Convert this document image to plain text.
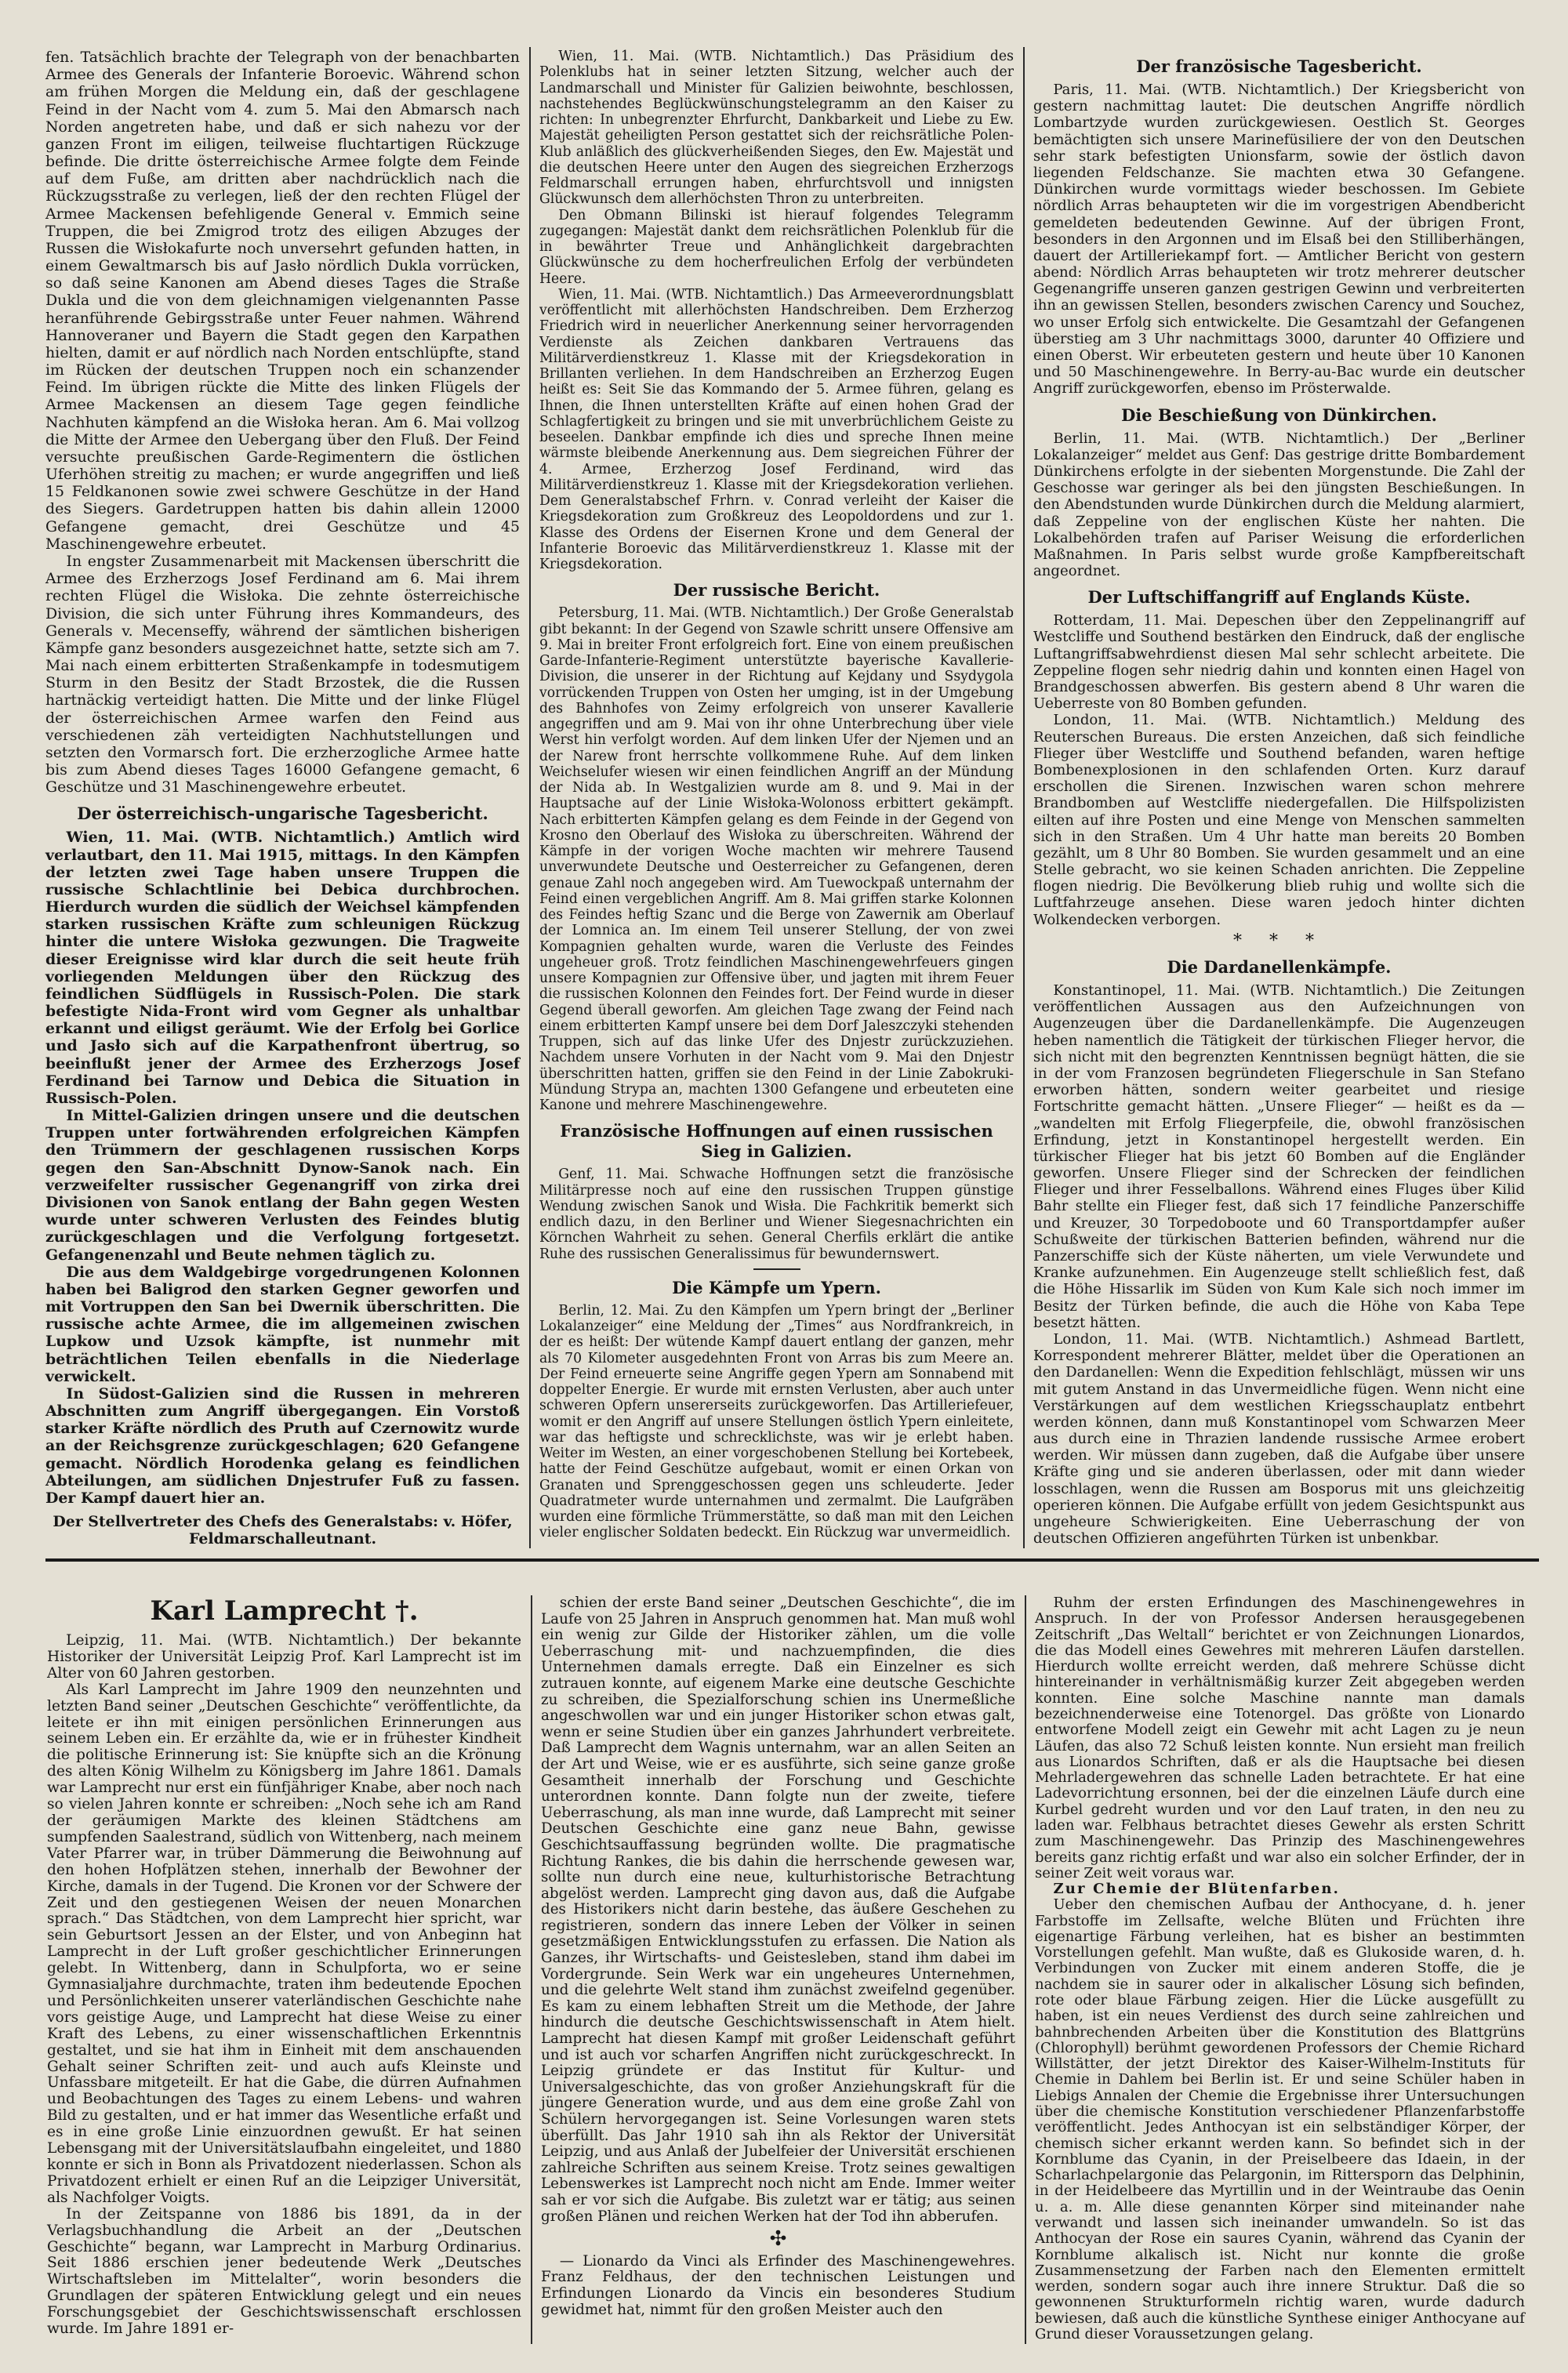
fen. Tatsächlich brachte der Telegraph von der benachbarten Armee des Generals der Infanterie Boroevic. Während schon am frühen Morgen die Meldung ein, daß der geschlagene Feind in der Nacht vom 4. zum 5. Mai den Abmarsch nach Norden angetreten habe, und daß er sich nahezu vor der ganzen Front im eiligen, teilweise fluchtartigen Rückzuge befinde. Die dritte österreichische Armee folgte dem Feinde auf dem Fuße, am dritten aber nachdrücklich nach die Rückzugsstraße zu verlegen, ließ der den rechten Flügel der Armee Mackensen befehligende General v. Emmich seine Truppen, die bei Zmigrod trotz des eiligen Abzuges der Russen die Wisłokafurte noch unversehrt gefunden hatten, in einem Gewaltmarsch bis auf Jasło nördlich Dukla vorrücken, so daß seine Kanonen am Abend dieses Tages die Straße Dukla und die von dem gleichnamigen vielgenannten Passe heranführende Gebirgsstraße unter Feuer nahmen. Während Hannoveraner und Bayern die Stadt gegen den Karpathen hielten, damit er auf nördlich nach Norden entschlüpfte, stand im Rücken der deutschen Truppen noch ein schanzender Feind. Im übrigen rückte die Mitte des linken Flügels der Armee Mackensen an diesem Tage gegen feindliche Nachhuten kämpfend an die Wisłoka heran. Am 6. Mai vollzog die Mitte der Armee den Uebergang über den Fluß. Der Feind versuchte preußischen Garde-Regimentern die östlichen Uferhöhen streitig zu machen; er wurde angegriffen und ließ 15 Feldkanonen sowie zwei schwere Geschütze in der Hand des Siegers. Gardetruppen hatten bis dahin allein 12000 Gefangene gemacht, drei Geschütze und 45 Maschinengewehre erbeutet.

In engster Zusammenarbeit mit Mackensen überschritt die Armee des Erzherzogs Josef Ferdinand am 6. Mai ihrem rechten Flügel die Wisłoka. Die zehnte österreichische Division, die sich unter Führung ihres Kommandeurs, des Generals v. Mecenseffy, während der sämtlichen bisherigen Kämpfe ganz besonders ausgezeichnet hatte, setzte sich am 7. Mai nach einem erbitterten Straßenkampfe in todesmutigem Sturm in den Besitz der Stadt Brzostek, die die Russen hartnäckig verteidigt hatten. Die Mitte und der linke Flügel der österreichischen Armee warfen den Feind aus verschiedenen zäh verteidigten Nachhutstellungen und setzten den Vormarsch fort. Die erzherzogliche Armee hatte bis zum Abend dieses Tages 16000 Gefangene gemacht, 6 Geschütze und 31 Maschinengewehre erbeutet.

Der österreichisch-ungarische Tagesbericht.

Wien, 11. Mai. (WTB. Nichtamtlich.) Amtlich wird verlautbart, den 11. Mai 1915, mittags. In den Kämpfen der letzten zwei Tage haben unsere Truppen die russische Schlachtlinie bei Debica durchbrochen. Hierdurch wurden die südlich der Weichsel kämpfenden starken russischen Kräfte zum schleunigen Rückzug hinter die untere Wisłoka gezwungen. Die Tragweite dieser Ereignisse wird klar durch die seit heute früh vorliegenden Meldungen über den Rückzug des feindlichen Südflügels in Russisch-Polen. Die stark befestigte Nida-Front wird vom Gegner als unhaltbar erkannt und eiligst geräumt. Wie der Erfolg bei Gorlice und Jasło sich auf die Karpathenfront übertrug, so beeinflußt jener der Armee des Erzherzogs Josef Ferdinand bei Tarnow und Debica die Situation in Russisch-Polen.

In Mittel-Galizien dringen unsere und die deutschen Truppen unter fortwährenden erfolgreichen Kämpfen den Trümmern der geschlagenen russischen Korps gegen den San-Abschnitt Dynow-Sanok nach. Ein verzweifelter russischer Gegenangriff von zirka drei Divisionen von Sanok entlang der Bahn gegen Westen wurde unter schweren Verlusten des Feindes blutig zurückgeschlagen und die Verfolgung fortgesetzt. Gefangenenzahl und Beute nehmen täglich zu.

Die aus dem Waldgebirge vorgedrungenen Kolonnen haben bei Baligrod den starken Gegner geworfen und mit Vortruppen den San bei Dwernik überschritten. Die russische achte Armee, die im allgemeinen zwischen Lupkow und Uzsok kämpfte, ist nunmehr mit beträchtlichen Teilen ebenfalls in die Niederlage verwickelt.

In Südost-Galizien sind die Russen in mehreren Abschnitten zum Angriff übergegangen. Ein Vorstoß starker Kräfte nördlich des Pruth auf Czernowitz wurde an der Reichsgrenze zurückgeschlagen; 620 Gefangene gemacht. Nördlich Horodenka gelang es feindlichen Abteilungen, am südlichen Dnjestrufer Fuß zu fassen. Der Kampf dauert hier an.

Der Stellvertreter des Chefs des Generalstabs: v. Höfer, Feldmarschalleutnant.

Wien, 11. Mai. (WTB. Nichtamtlich.) Das Präsidium des Polenklubs hat in seiner letzten Sitzung, welcher auch der Landmarschall und Minister für Galizien beiwohnte, beschlossen, nachstehendes Beglückwünschungstelegramm an den Kaiser zu richten: In unbegrenzter Ehrfurcht, Dankbarkeit und Liebe zu Ew. Majestät geheiligten Person gestattet sich der reichsrätliche Polen-Klub anläßlich des glückverheißenden Sieges, den Ew. Majestät und die deutschen Heere unter den Augen des siegreichen Erzherzogs Feldmarschall errungen haben, ehrfurchtsvoll und innigsten Glückwunsch dem allerhöchsten Thron zu unterbreiten.

Den Obmann Bilinski ist hierauf folgendes Telegramm zugegangen: Majestät dankt dem reichsrätlichen Polenklub für die in bewährter Treue und Anhänglichkeit dargebrachten Glückwünsche zu dem hocherfreulichen Erfolg der verbündeten Heere.

Wien, 11. Mai. (WTB. Nichtamtlich.) Das Armeeverordnungsblatt veröffentlicht mit allerhöchsten Handschreiben. Dem Erzherzog Friedrich wird in neuerlicher Anerkennung seiner hervorragenden Verdienste als Zeichen dankbaren Vertrauens das Militärverdienstkreuz 1. Klasse mit der Kriegsdekoration in Brillanten verliehen. In dem Handschreiben an Erzherzog Eugen heißt es: Seit Sie das Kommando der 5. Armee führen, gelang es Ihnen, die Ihnen unterstellten Kräfte auf einen hohen Grad der Schlagfertigkeit zu bringen und sie mit unverbrüchlichem Geiste zu beseelen. Dankbar empfinde ich dies und spreche Ihnen meine wärmste bleibende Anerkennung aus. Dem siegreichen Führer der 4. Armee, Erzherzog Josef Ferdinand, wird das Militärverdienstkreuz 1. Klasse mit der Kriegsdekoration verliehen. Dem Generalstabschef Frhrn. v. Conrad verleiht der Kaiser die Kriegsdekoration zum Großkreuz des Leopoldordens und zur 1. Klasse des Ordens der Eisernen Krone und dem General der Infanterie Boroevic das Militärverdienstkreuz 1. Klasse mit der Kriegsdekoration.

Der russische Bericht.

Petersburg, 11. Mai. (WTB. Nichtamtlich.) Der Große Generalstab gibt bekannt: In der Gegend von Szawle schritt unsere Offensive am 9. Mai in breiter Front erfolgreich fort. Eine von einem preußischen Garde-Infanterie-Regiment unterstützte bayerische Kavallerie-Division, die unserer in der Richtung auf Kejdany und Ssydygola vorrückenden Truppen von Osten her umging, ist in der Umgebung des Bahnhofes von Zeimy erfolgreich von unserer Kavallerie angegriffen und am 9. Mai von ihr ohne Unterbrechung über viele Werst hin verfolgt worden. Auf dem linken Ufer der Njemen und an der Narew front herrschte vollkommene Ruhe. Auf dem linken Weichselufer wiesen wir einen feindlichen Angriff an der Mündung der Nida ab. In Westgalizien wurde am 8. und 9. Mai in der Hauptsache auf der Linie Wisłoka-Wolonoss erbittert gekämpft. Nach erbitterten Kämpfen gelang es dem Feinde in der Gegend von Krosno den Oberlauf des Wisłoka zu überschreiten. Während der Kämpfe in der vorigen Woche machten wir mehrere Tausend unverwundete Deutsche und Oesterreicher zu Gefangenen, deren genaue Zahl noch angegeben wird. Am Tuewockpaß unternahm der Feind einen vergeblichen Angriff. Am 8. Mai griffen starke Kolonnen des Feindes heftig Szanc und die Berge von Zawernik am Oberlauf der Lomnica an. Im einem Teil unserer Stellung, der von zwei Kompagnien gehalten wurde, waren die Verluste des Feindes ungeheuer groß. Trotz feindlichen Maschinengewehrfeuers gingen unsere Kompagnien zur Offensive über, und jagten mit ihrem Feuer die russischen Kolonnen den Feindes fort. Der Feind wurde in dieser Gegend überall geworfen. Am gleichen Tage zwang der Feind nach einem erbitterten Kampf unsere bei dem Dorf Jaleszczyki stehenden Truppen, sich auf das linke Ufer des Dnjestr zurückzuziehen. Nachdem unsere Vorhuten in der Nacht vom 9. Mai den Dnjestr überschritten hatten, griffen sie den Feind in der Linie Zabokruki-Mündung Strypa an, machten 1300 Gefangene und erbeuteten eine Kanone und mehrere Maschinengewehre.

Französische Hoffnungen auf einen russischen Sieg in Galizien.

Genf, 11. Mai. Schwache Hoffnungen setzt die französische Militärpresse noch auf eine den russischen Truppen günstige Wendung zwischen Sanok und Wisła. Die Fachkritik bemerkt sich endlich dazu, in den Berliner und Wiener Siegesnachrichten ein Körnchen Wahrheit zu sehen. General Cherfils erklärt die antike Ruhe des russischen Generalissimus für bewundernswert.

Die Kämpfe um Ypern.

Berlin, 12. Mai. Zu den Kämpfen um Ypern bringt der „Berliner Lokalanzeiger“ eine Meldung der „Times“ aus Nordfrankreich, in der es heißt: Der wütende Kampf dauert entlang der ganzen, mehr als 70 Kilometer ausgedehnten Front von Arras bis zum Meere an. Der Feind erneuerte seine Angriffe gegen Ypern am Sonnabend mit doppelter Energie. Er wurde mit ernsten Verlusten, aber auch unter schweren Opfern unsererseits zurückgeworfen. Das Artilleriefeuer, womit er den Angriff auf unsere Stellungen östlich Ypern einleitete, war das heftigste und schrecklichste, was wir je erlebt haben. Weiter im Westen, an einer vorgeschobenen Stellung bei Kortebeek, hatte der Feind Geschütze aufgebaut, womit er einen Orkan von Granaten und Sprenggeschossen gegen uns schleuderte. Jeder Quadratmeter wurde unternahmen und zermalmt. Die Laufgräben wurden eine förmliche Trümmerstätte, so daß man mit den Leichen vieler englischer Soldaten bedeckt. Ein Rückzug war unvermeidlich.

Der französische Tagesbericht.

Paris, 11. Mai. (WTB. Nichtamtlich.) Der Kriegsbericht von gestern nachmittag lautet: Die deutschen Angriffe nördlich Lombartzyde wurden zurückgewiesen. Oestlich St. Georges bemächtigten sich unsere Marinefüsiliere der von den Deutschen sehr stark befestigten Unionsfarm, sowie der östlich davon liegenden Feldschanze. Sie machten etwa 30 Gefangene. Dünkirchen wurde vormittags wieder beschossen. Im Gebiete nördlich Arras behaupteten wir die im vorgestrigen Abendbericht gemeldeten bedeutenden Gewinne. Auf der übrigen Front, besonders in den Argonnen und im Elsaß bei den Stilliberhängen, dauert der Artilleriekampf fort. — Amtlicher Bericht von gestern abend: Nördlich Arras behaupteten wir trotz mehrerer deutscher Gegenangriffe unseren ganzen gestrigen Gewinn und verbreiterten ihn an gewissen Stellen, besonders zwischen Carency und Souchez, wo unser Erfolg sich entwickelte. Die Gesamtzahl der Gefangenen überstieg am 3 Uhr nachmittags 3000, darunter 40 Offiziere und einen Oberst. Wir erbeuteten gestern und heute über 10 Kanonen und 50 Maschinengewehre. In Berry-au-Bac wurde ein deutscher Angriff zurückgeworfen, ebenso im Prösterwalde.

Die Beschießung von Dünkirchen.

Berlin, 11. Mai. (WTB. Nichtamtlich.) Der „Berliner Lokalanzeiger“ meldet aus Genf: Das gestrige dritte Bombardement Dünkirchens erfolgte in der siebenten Morgenstunde. Die Zahl der Geschosse war geringer als bei den jüngsten Beschießungen. In den Abendstunden wurde Dünkirchen durch die Meldung alarmiert, daß Zeppeline von der englischen Küste her nahten. Die Lokalbehörden trafen auf Pariser Weisung die erforderlichen Maßnahmen. In Paris selbst wurde große Kampfbereitschaft angeordnet.

Der Luftschiffangriff auf Englands Küste.

Rotterdam, 11. Mai. Depeschen über den Zeppelinangriff auf Westcliffe und Southend bestärken den Eindruck, daß der englische Luftangriffsabwehrdienst diesen Mal sehr schlecht arbeitete. Die Zeppeline flogen sehr niedrig dahin und konnten einen Hagel von Brandgeschossen abwerfen. Bis gestern abend 8 Uhr waren die Ueberreste von 80 Bomben gefunden.

London, 11. Mai. (WTB. Nichtamtlich.) Meldung des Reuterschen Bureaus. Die ersten Anzeichen, daß sich feindliche Flieger über Westcliffe und Southend befanden, waren heftige Bombenexplosionen in den schlafenden Orten. Kurz darauf erschollen die Sirenen. Inzwischen waren schon mehrere Brandbomben auf Westcliffe niedergefallen. Die Hilfspolizisten eilten auf ihre Posten und eine Menge von Menschen sammelten sich in den Straßen. Um 4 Uhr hatte man bereits 20 Bomben gezählt, um 8 Uhr 80 Bomben. Sie wurden gesammelt und an eine Stelle gebracht, wo sie keinen Schaden anrichten. Die Zeppeline flogen niedrig. Die Bevölkerung blieb ruhig und wollte sich die Luftfahrzeuge ansehen. Diese waren jedoch hinter dichten Wolkendecken verborgen.

* * *

Die Dardanellenkämpfe.

Konstantinopel, 11. Mai. (WTB. Nichtamtlich.) Die Zeitungen veröffentlichen Aussagen aus den Aufzeichnungen von Augenzeugen über die Dardanellenkämpfe. Die Augenzeugen heben namentlich die Tätigkeit der türkischen Flieger hervor, die sich nicht mit den begrenzten Kenntnissen begnügt hätten, die sie in der vom Franzosen begründeten Fliegerschule in San Stefano erworben hätten, sondern weiter gearbeitet und riesige Fortschritte gemacht hätten. „Unsere Flieger“ — heißt es da — „wandelten mit Erfolg Fliegerpfeile, die, obwohl französischen Erfindung, jetzt in Konstantinopel hergestellt werden. Ein türkischer Flieger hat bis jetzt 60 Bomben auf die Engländer geworfen. Unsere Flieger sind der Schrecken der feindlichen Flieger und ihrer Fesselballons. Während eines Fluges über Kilid Bahr stellte ein Flieger fest, daß sich 17 feindliche Panzerschiffe und Kreuzer, 30 Torpedoboote und 60 Transportdampfer außer Schußweite der türkischen Batterien befinden, während nur die Panzerschiffe sich der Küste näherten, um viele Verwundete und Kranke aufzunehmen. Ein Augenzeuge stellt schließlich fest, daß die Höhe Hissarlik im Süden von Kum Kale sich noch immer im Besitz der Türken befinde, die auch die Höhe von Kaba Tepe besetzt hätten.

London, 11. Mai. (WTB. Nichtamtlich.) Ashmead Bartlett, Korrespondent mehrerer Blätter, meldet über die Operationen an den Dardanellen: Wenn die Expedition fehlschlägt, müssen wir uns mit gutem Anstand in das Unvermeidliche fügen. Wenn nicht eine Verstärkungen auf dem westlichen Kriegsschauplatz entbehrt werden können, dann muß Konstantinopel vom Schwarzen Meer aus durch eine in Thrazien landende russische Armee erobert werden. Wir müssen dann zugeben, daß die Aufgabe über unsere Kräfte ging und sie anderen überlassen, oder mit dann wieder losschlagen, wenn die Russen am Bosporus mit uns gleichzeitig operieren können. Die Aufgabe erfüllt von jedem Gesichtspunkt aus ungeheure Schwierigkeiten. Eine Ueberraschung der von deutschen Offizieren angeführten Türken ist unbenkbar.

Karl Lamprecht †.

Leipzig, 11. Mai. (WTB. Nichtamtlich.) Der bekannte Historiker der Universität Leipzig Prof. Karl Lamprecht ist im Alter von 60 Jahren gestorben.

Als Karl Lamprecht im Jahre 1909 den neunzehnten und letzten Band seiner „Deutschen Geschichte“ veröffentlichte, da leitete er ihn mit einigen persönlichen Erinnerungen aus seinem Leben ein. Er erzählte da, wie er in frühester Kindheit die politische Erinnerung ist: Sie knüpfte sich an die Krönung des alten König Wilhelm zu Königsberg im Jahre 1861. Damals war Lamprecht nur erst ein fünfjähriger Knabe, aber noch nach so vielen Jahren konnte er schreiben: „Noch sehe ich am Rand der geräumigen Markte des kleinen Städtchens am sumpfenden Saalestrand, südlich von Wittenberg, nach meinem Vater Pfarrer war, in trüber Dämmerung die Beiwohnung auf den hohen Hofplätzen stehen, innerhalb der Bewohner der Kirche, damals in der Tugend. Die Kronen vor der Schwere der Zeit und den gestiegenen Weisen der neuen Monarchen sprach.“ Das Städtchen, von dem Lamprecht hier spricht, war sein Geburtsort Jessen an der Elster, und von Anbeginn hat Lamprecht in der Luft großer geschichtlicher Erinnerungen gelebt. In Wittenberg, dann in Schulpforta, wo er seine Gymnasialjahre durchmachte, traten ihm bedeutende Epochen und Persönlichkeiten unserer vaterländischen Geschichte nahe vors geistige Auge, und Lamprecht hat diese Weise zu einer Kraft des Lebens, zu einer wissenschaftlichen Erkenntnis gestaltet, und sie hat ihm in Einheit mit dem anschauenden Gehalt seiner Schriften zeit- und auch aufs Kleinste und Unfassbare mitgeteilt. Er hat die Gabe, die dürren Aufnahmen und Beobachtungen des Tages zu einem Lebens- und wahren Bild zu gestalten, und er hat immer das Wesentliche erfaßt und es in eine große Linie einzuordnen gewußt. Er hat seinen Lebensgang mit der Universitätslaufbahn eingeleitet, und 1880 konnte er sich in Bonn als Privatdozent niederlassen. Schon als Privatdozent erhielt er einen Ruf an die Leipziger Universität, als Nachfolger Voigts.

In der Zeitspanne von 1886 bis 1891, da in der Verlagsbuchhandlung die Arbeit an der „Deutschen Geschichte“ begann, war Lamprecht in Marburg Ordinarius. Seit 1886 erschien jener bedeutende Werk „Deutsches Wirtschaftsleben im Mittelalter“, worin besonders die Grundlagen der späteren Entwicklung gelegt und ein neues Forschungsgebiet der Geschichtswissenschaft erschlossen wurde. Im Jahre 1891 er-

schien der erste Band seiner „Deutschen Geschichte“, die im Laufe von 25 Jahren in Anspruch genommen hat. Man muß wohl ein wenig zur Gilde der Historiker zählen, um die volle Ueberraschung mit- und nachzuempfinden, die dies Unternehmen damals erregte. Daß ein Einzelner es sich zutrauen konnte, auf eigenem Marke eine deutsche Geschichte zu schreiben, die Spezialforschung schien ins Unermeßliche angeschwollen war und ein junger Historiker schon etwas galt, wenn er seine Studien über ein ganzes Jahrhundert verbreitete. Daß Lamprecht dem Wagnis unternahm, war an allen Seiten an der Art und Weise, wie er es ausführte, sich seine ganze große Gesamtheit innerhalb der Forschung und Geschichte unterordnen konnte. Dann folgte nun der zweite, tiefere Ueberraschung, als man inne wurde, daß Lamprecht mit seiner Deutschen Geschichte eine ganz neue Bahn, gewisse Geschichtsauffassung begründen wollte. Die pragmatische Richtung Rankes, die bis dahin die herrschende gewesen war, sollte nun durch eine neue, kulturhistorische Betrachtung abgelöst werden. Lamprecht ging davon aus, daß die Aufgabe des Historikers nicht darin bestehe, das äußere Geschehen zu registrieren, sondern das innere Leben der Völker in seinen gesetzmäßigen Entwicklungsstufen zu erfassen. Die Nation als Ganzes, ihr Wirtschafts- und Geistesleben, stand ihm dabei im Vordergrunde. Sein Werk war ein ungeheures Unternehmen, und die gelehrte Welt stand ihm zunächst zweifelnd gegenüber. Es kam zu einem lebhaften Streit um die Methode, der Jahre hindurch die deutsche Geschichtswissenschaft in Atem hielt. Lamprecht hat diesen Kampf mit großer Leidenschaft geführt und ist auch vor scharfen Angriffen nicht zurückgeschreckt. In Leipzig gründete er das Institut für Kultur- und Universalgeschichte, das von großer Anziehungskraft für die jüngere Generation wurde, und aus dem eine große Zahl von Schülern hervorgegangen ist. Seine Vorlesungen waren stets überfüllt. Das Jahr 1910 sah ihn als Rektor der Universität Leipzig, und aus Anlaß der Jubelfeier der Universität erschienen zahlreiche Schriften aus seinem Kreise. Trotz seines gewaltigen Lebenswerkes ist Lamprecht noch nicht am Ende. Immer weiter sah er vor sich die Aufgabe. Bis zuletzt war er tätig; aus seinen großen Plänen und reichen Werken hat der Tod ihn abberufen.

✣

— Lionardo da Vinci als Erfinder des Maschinengewehres. Franz Feldhaus, der den technischen Leistungen und Erfindungen Lionardo da Vincis ein besonderes Studium gewidmet hat, nimmt für den großen Meister auch den

Ruhm der ersten Erfindungen des Maschinengewehres in Anspruch. In der von Professor Andersen herausgegebenen Zeitschrift „Das Weltall“ berichtet er von Zeichnungen Lionardos, die das Modell eines Gewehres mit mehreren Läufen darstellen. Hierdurch wollte erreicht werden, daß mehrere Schüsse dicht hintereinander in verhältnismäßig kurzer Zeit abgegeben werden konnten. Eine solche Maschine nannte man damals bezeichnenderweise eine Totenorgel. Das größte von Lionardo entworfene Modell zeigt ein Gewehr mit acht Lagen zu je neun Läufen, das also 72 Schuß leisten konnte. Nun ersieht man freilich aus Lionardos Schriften, daß er als die Hauptsache bei diesen Mehrladergewehren das schnelle Laden betrachtete. Er hat eine Ladevorrichtung ersonnen, bei der die einzelnen Läufe durch eine Kurbel gedreht wurden und vor den Lauf traten, in den neu zu laden war. Felbhaus betrachtet dieses Gewehr als ersten Schritt zum Maschinengewehr. Das Prinzip des Maschinengewehres bereits ganz richtig erfaßt und war also ein solcher Erfinder, der in seiner Zeit weit voraus war.

Zur Chemie der Blütenfarben.

Ueber den chemischen Aufbau der Anthocyane, d. h. jener Farbstoffe im Zellsafte, welche Blüten und Früchten ihre eigenartige Färbung verleihen, hat es bisher an bestimmten Vorstellungen gefehlt. Man wußte, daß es Glukoside waren, d. h. Verbindungen von Zucker mit einem anderen Stoffe, die je nachdem sie in saurer oder in alkalischer Lösung sich befinden, rote oder blaue Färbung zeigen. Hier die Lücke ausgefüllt zu haben, ist ein neues Verdienst des durch seine zahlreichen und bahnbrechenden Arbeiten über die Konstitution des Blattgrüns (Chlorophyll) berühmt gewordenen Professors der Chemie Richard Willstätter, der jetzt Direktor des Kaiser-Wilhelm-Instituts für Chemie in Dahlem bei Berlin ist. Er und seine Schüler haben in Liebigs Annalen der Chemie die Ergebnisse ihrer Untersuchungen über die chemische Konstitution verschiedener Pflanzenfarbstoffe veröffentlicht. Jedes Anthocyan ist ein selbständiger Körper, der chemisch sicher erkannt werden kann. So befindet sich in der Kornblume das Cyanin, in der Preiselbeere das Idaein, in der Scharlachpelargonie das Pelargonin, im Rittersporn das Delphinin, in der Heidelbeere das Myrtillin und in der Weintraube das Oenin u. a. m. Alle diese genannten Körper sind miteinander nahe verwandt und lassen sich ineinander umwandeln. So ist das Anthocyan der Rose ein saures Cyanin, während das Cyanin der Kornblume alkalisch ist. Nicht nur konnte die große Zusammensetzung der Farben nach den Elementen ermittelt werden, sondern sogar auch ihre innere Struktur. Daß die so gewonnenen Strukturformeln richtig waren, wurde dadurch bewiesen, daß auch die künstliche Synthese einiger Anthocyane auf Grund dieser Voraussetzungen gelang.
